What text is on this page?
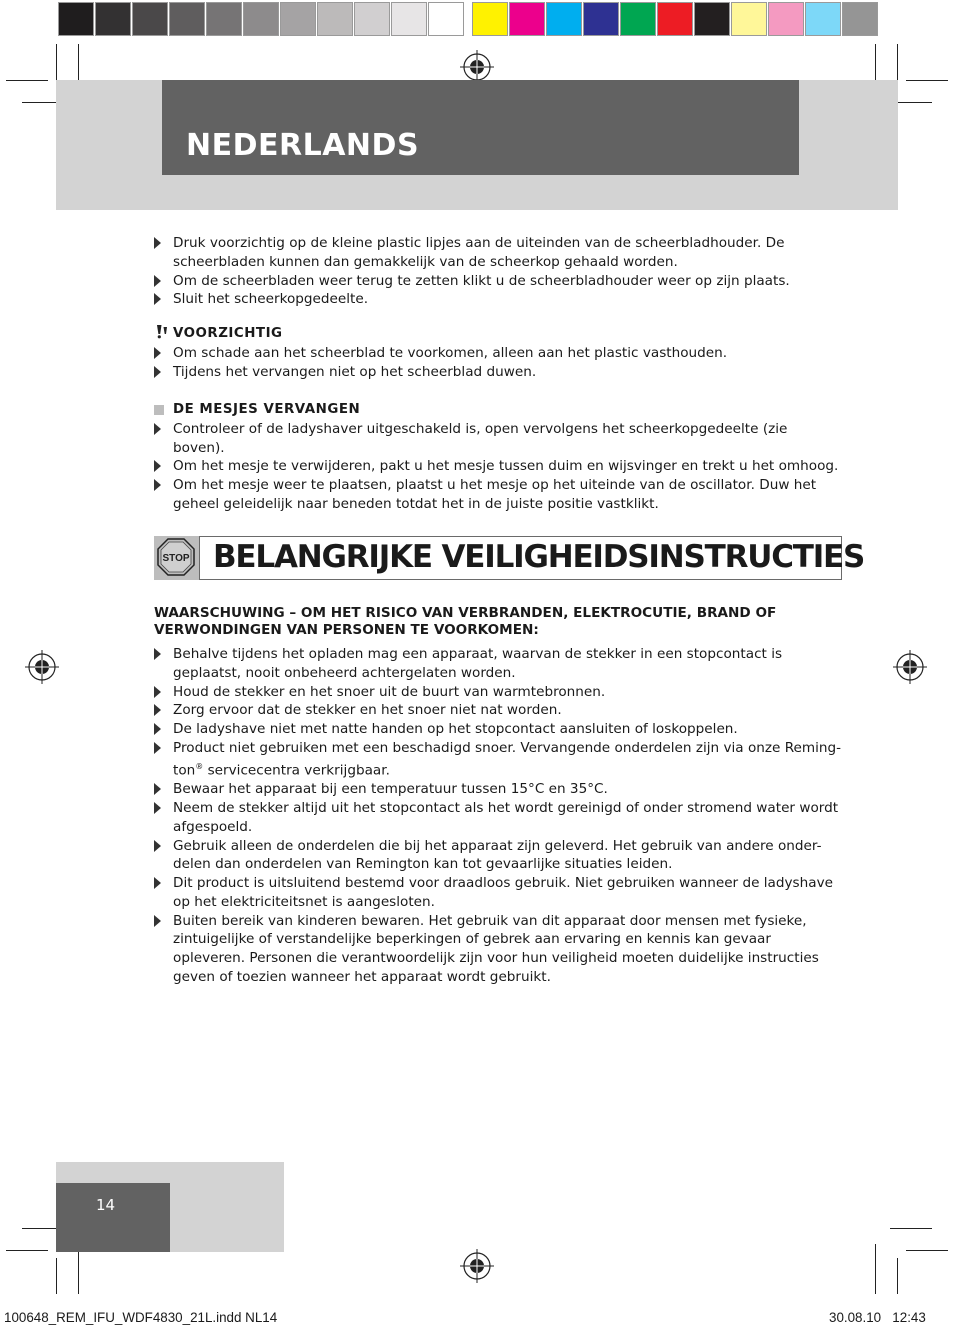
NEDERLANDS
Druk voorzichtig op de kleine plastic lipjes aan de uiteinden van de scheerbladhouder. De scheerbladen kunnen dan gemakkelijk van de scheerkop gehaald worden.
Om de scheerbladen weer terug te zetten klikt u de scheerbladhouder weer op zijn plaats.
Sluit het scheerkopgedeelte.
VOORZICHTIG
Om schade aan het scheerblad te voorkomen, alleen aan het plastic vasthouden.
Tijdens het vervangen niet op het scheerblad duwen.
DE MESJES VERVANGEN
Controleer of de ladyshaver uitgeschakeld is, open vervolgens het scheerkopgedeelte (zie boven).
Om het mesje te verwijderen, pakt u het mesje tussen duim en wijsvinger en trekt u het omhoog.
Om het mesje weer te plaatsen, plaatst u het mesje op het uiteinde van de oscillator. Duw het geheel geleidelijk naar beneden totdat het in de juiste positie vastklikt.
STOP BELANGRIJKE VEILIGHEIDSINSTRUCTIES
WAARSCHUWING – OM HET RISICO VAN VERBRANDEN, ELEKTROCUTIE, BRAND OF VERWONDINGEN VAN PERSONEN TE VOORKOMEN:
Behalve tijdens het opladen mag een apparaat, waarvan de stekker in een stopcontact is geplaatst, nooit onbeheerd achtergelaten worden.
Houd de stekker en het snoer uit de buurt van warmtebronnen.
Zorg ervoor dat de stekker en het snoer niet nat worden.
De ladyshave niet met natte handen op het stopcontact aansluiten of loskoppelen.
Product niet gebruiken met een beschadigd snoer. Vervangende onderdelen zijn via onze Reming-ton® servicecentra verkrijgbaar.
Bewaar het apparaat bij een temperatuur tussen 15°C en 35°C.
Neem de stekker altijd uit het stopcontact als het wordt gereinigd of onder stromend water wordt afgespoeld.
Gebruik alleen de onderdelen die bij het apparaat zijn geleverd. Het gebruik van andere onder-delen dan onderdelen van Remington kan tot gevaarlijke situaties leiden.
Dit product is uitsluitend bestemd voor draadloos gebruik. Niet gebruiken wanneer de ladyshave op het elektriciteitsnet is aangesloten.
Buiten bereik van kinderen bewaren. Het gebruik van dit apparaat door mensen met fysieke, zintuigelijke of verstandelijke beperkingen of gebrek aan ervaring en kennis kan gevaar opleveren. Personen die verantwoordelijk zijn voor hun veiligheid moeten duidelijke instructies geven of toezien wanneer het apparaat wordt gebruikt.
14
100648_REM_IFU_WDF4830_21L.indd NL14	30.08.10 12:43
